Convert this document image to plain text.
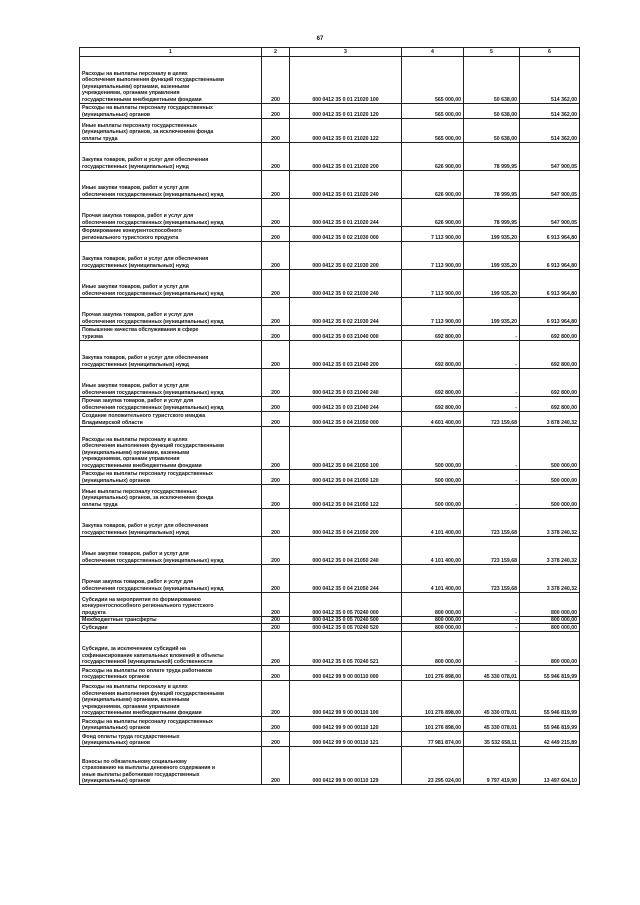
67
1	2	3	4	5	6
Расходы на выплаты персоналу в целях
обеспечения выполнения функций государственными
(муниципальными) органами, казенными
учреждениями, органами управления
государственными внебюджетными фондами	200	000 0412 35 0 01 21020 100	565 000,00	50 638,00	514 362,00
Расходы на выплаты персоналу государственных
(муниципальных) органов	200	000 0412 35 0 01 21020 120	565 000,00	50 638,00	514 362,00
Иные выплаты персоналу государственных
(муниципальных) органов, за исключением фонда
оплаты труда	200	000 0412 35 0 01 21020 122	565 000,00	50 638,00	514 362,00
Закупка товаров, работ и услуг для обеспечения
государственных (муниципальных) нужд	200	000 0412 35 0 01 21020 200	626 900,00	78 999,95	547 900,05
Иные закупки товаров, работ и услуг для
обеспечения государственных (муниципальных) нужд	200	000 0412 35 0 01 21020 240	626 900,00	78 999,95	547 900,05
Прочая закупка товаров, работ и услуг для
обеспечения государственных (муниципальных) нужд	200	000 0412 35 0 01 21020 244	626 900,00	78 999,95	547 900,05
Формирование конкурентоспособного
регионального туристского продукта	200	000 0412 35 0 02 21030 000	7 113 900,00	199 935,20	6 913 964,80
Закупка товаров, работ и услуг для обеспечения
государственных (муниципальных) нужд	200	000 0412 35 0 02 21030 200	7 113 900,00	199 935,20	6 913 964,80
Иные закупки товаров, работ и услуг для
обеспечения государственных (муниципальных) нужд	200	000 0412 35 0 02 21030 240	7 113 900,00	199 935,20	6 913 964,80
Прочая закупка товаров, работ и услуг для
обеспечения государственных (муниципальных) нужд	200	000 0412 35 0 02 21030 244	7 113 900,00	199 935,20	6 913 964,80
Повышение качества обслуживания в сфере
туризма	200	000 0412 35 0 03 21040 000	692 800,00	-	692 800,00
Закупка товаров, работ и услуг для обеспечения
государственных (муниципальных) нужд	200	000 0412 35 0 03 21040 200	692 800,00	-	692 800,00
Иные закупки товаров, работ и услуг для
обеспечения государственных (муниципальных) нужд	200	000 0412 35 0 03 21040 240	692 800,00	-	692 800,00
Прочая закупка товаров, работ и услуг для
обеспечения государственных (муниципальных) нужд	200	000 0412 35 0 03 21040 244	692 800,00	-	692 800,00
Создание положительного туристского имиджа
Владимирской области	200	000 0412 35 0 04 21050 000	4 601 400,00	723 159,68	3 878 240,32
Расходы на выплаты персоналу в целях
обеспечения выполнения функций государственными
(муниципальными) органами, казенными
учреждениями, органами управления
государственными внебюджетными фондами	200	000 0412 35 0 04 21050 100	500 000,00	-	500 000,00
Расходы на выплаты персоналу государственных
(муниципальных) органов	200	000 0412 35 0 04 21050 120	500 000,00	-	500 000,00
Иные выплаты персоналу государственных
(муниципальных) органов, за исключением фонда
оплаты труда	200	000 0412 35 0 04 21050 122	500 000,00	-	500 000,00
Закупка товаров, работ и услуг для обеспечения
государственных (муниципальных) нужд	200	000 0412 35 0 04 21050 200	4 101 400,00	723 159,68	3 378 240,32
Иные закупки товаров, работ и услуг для
обеспечения государственных (муниципальных) нужд	200	000 0412 35 0 04 21050 240	4 101 400,00	723 159,68	3 378 240,32
Прочая закупка товаров, работ и услуг для
обеспечения государственных (муниципальных) нужд	200	000 0412 35 0 04 21050 244	4 101 400,00	723 159,68	3 378 240,32
Субсидии на мероприятия по формированию
конкурентоспособного регионального туристского
продукта	200	000 0412 35 0 05 70240 000	800 000,00	-	800 000,00
Межбюджетные трансферты	200	000 0412 35 0 05 70240 500	800 000,00	-	800 000,00
Субсидии	200	000 0412 35 0 05 70240 520	800 000,00	-	800 000,00
Субсидии, за исключением субсидий на
софинансирование капитальных вложений в объекты
государственной (муниципальной) собственности	200	000 0412 35 0 05 70240 521	800 000,00	-	800 000,00
Расходы на выплаты по оплате труда работников
государственных органов	200	000 0412 99 9 00 00110 000	101 276 898,00	45 330 078,01	55 946 819,99
Расходы на выплаты персоналу в целях
обеспечения выполнения функций государственными
(муниципальными) органами, казенными
учреждениями, органами управления
государственными внебюджетными фондами	200	000 0412 99 9 00 00110 100	101 276 898,00	45 330 078,01	55 946 819,99
Расходы на выплаты персоналу государственных
(муниципальных) органов	200	000 0412 99 9 00 00110 120	101 276 898,00	45 330 078,01	55 946 819,99
Фонд оплаты труда государственных
(муниципальных) органов	200	000 0412 99 9 00 00110 121	77 981 874,00	35 532 658,11	42 449 215,89
Взносы по обязательному социальному
страхованию на выплаты денежного содержания и
иные выплаты работникам государственных
(муниципальных) органов	200	000 0412 99 9 00 00110 129	23 295 024,00	9 797 419,90	13 497 604,10
